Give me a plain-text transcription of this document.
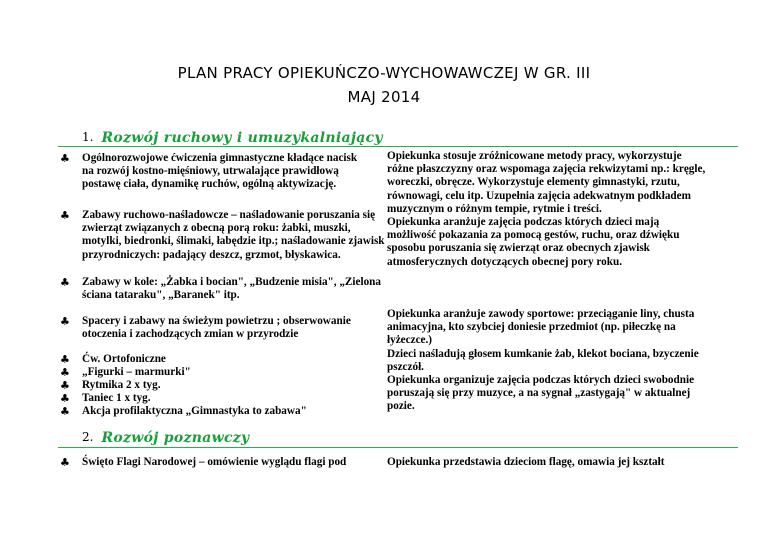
PLAN PRACY OPIEKUŃCZO-WYCHOWAWCZEJ W GR. III
MAJ 2014
1. Rozwój ruchowy i umuzykalniający
♣ Ogólnorozwojowe ćwiczenia gimnastyczne kładące nacisk
na rozwój kostno-mięśniowy, utrwalające prawidłową
postawę ciała, dynamikę ruchów, ogólną aktywizację.
♣ Zabawy ruchowo-naśladowcze – naśladowanie poruszania się
zwierząt związanych z obecną porą roku: żabki, muszki,
motylki, biedronki, ślimaki, łabędzie itp.; naśladowanie zjawisk
przyrodniczych: padający deszcz, grzmot, błyskawica.
♣ Zabawy w kole: „Żabka i bocian", „Budzenie misia", „Zielona
ściana tataraku", „Baranek" itp.
♣ Spacery i zabawy na świeżym powietrzu ; obserwowanie
otoczenia i zachodzących zmian w przyrodzie
♣ Ćw. Ortofoniczne
♣ „Figurki – marmurki"
♣ Rytmika 2 x tyg.
♣ Taniec 1 x tyg.
♣ Akcja profilaktyczna „Gimnastyka to zabawa"
Opiekunka stosuje zróżnicowane metody pracy, wykorzystuje
różne płaszczyzny oraz wspomaga zajęcia rekwizytami np.: kręgle,
woreczki, obręcze. Wykorzystuje elementy gimnastyki, rzutu,
równowagi, celu itp. Uzupełnia zajęcia adekwatnym podkładem
muzycznym o różnym tempie, rytmie i treści.
Opiekunka aranżuje zajęcia podczas których dzieci mają
możliwość pokazania za pomocą gestów, ruchu, oraz dźwięku
sposobu poruszania się zwierząt oraz obecnych zjawisk
atmosferycznych dotyczących obecnej pory roku.
Opiekunka aranżuje zawody sportowe: przeciąganie liny, chusta
animacyjna, kto szybciej doniesie przedmiot (np. piłeczkę na
łyżeczce.)
Dzieci naśladują głosem kumkanie żab, klekot bociana, bzyczenie
pszczół.
Opiekunka organizuje zajęcia podczas których dzieci swobodnie
poruszają się przy muzyce, a na sygnał „zastygają" w aktualnej
pozie.
2. Rozwój poznawczy
♣ Święto Flagi Narodowej – omówienie wyglądu flagi pod	Opiekunka przedstawia dzieciom flagę, omawia jej kształt
